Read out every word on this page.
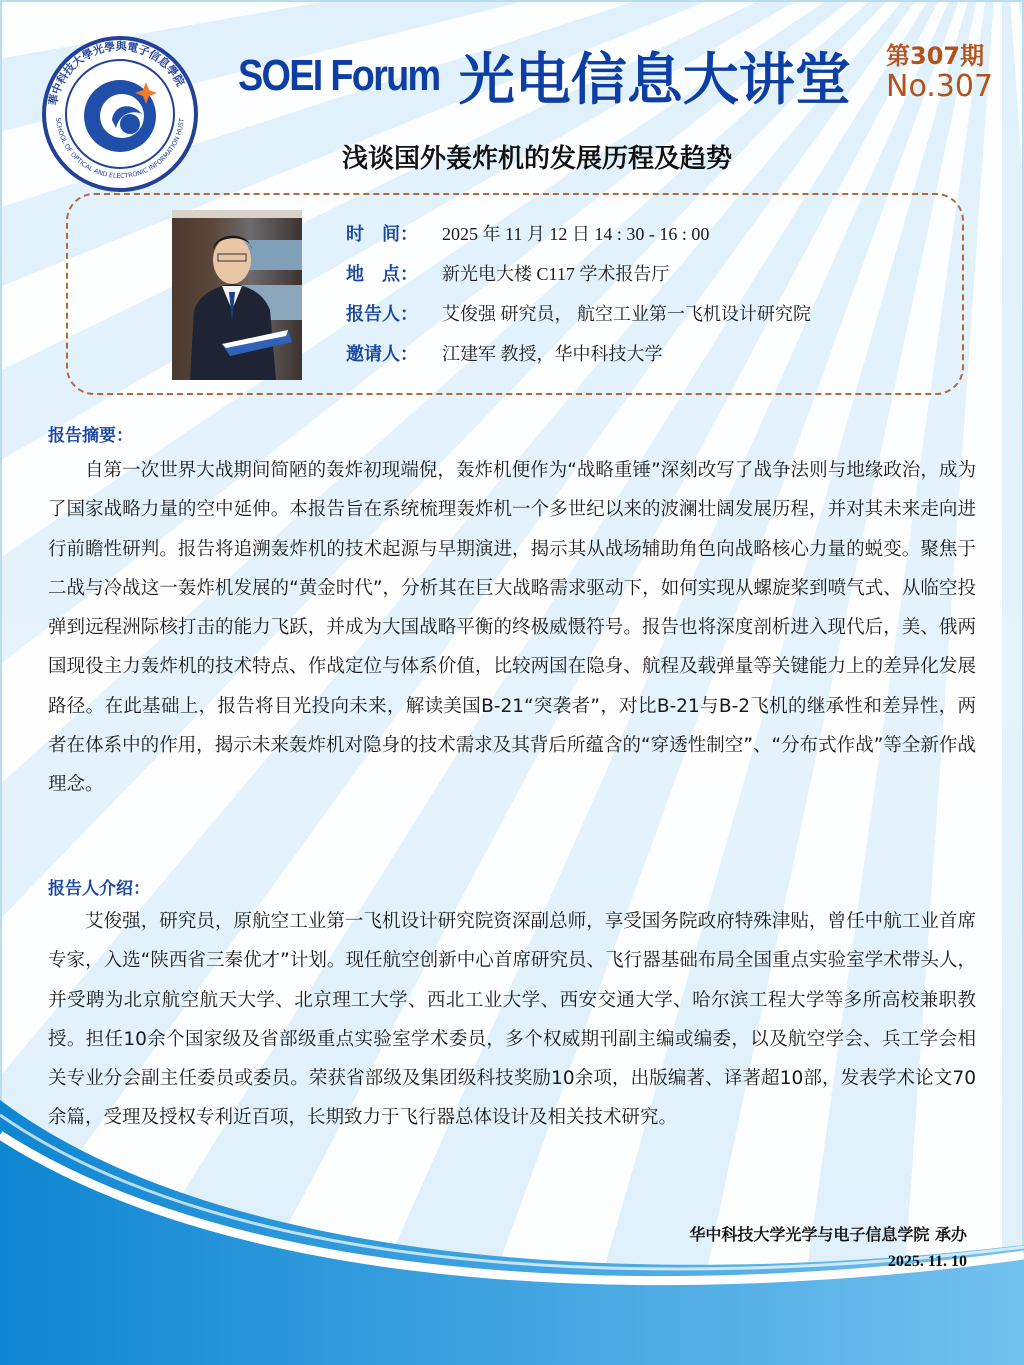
華中科技大學光學與電子信息學院
SCHOOL OF OPTICAL AND ELECTRONIC INFORMATION HUST
SOEI Forum 光电信息大讲堂 第307期
No.307
浅谈国外轰炸机的发展历程及趋势
时　间：	2025 年 11 月 12 日 14 : 30 - 16 : 00
地　点：	新光电大楼 C117 学术报告厅
报告人：	艾俊强 研究员， 航空工业第一飞机设计研究院
邀请人：	江建军 教授，华中科技大学
报告摘要：
自第一次世界大战期间简陋的轰炸初现端倪，轰炸机便作为“战略重锤”深刻改写了战争法则与地缘政治，成为了国家战略力量的空中延伸。本报告旨在系统梳理轰炸机一个多世纪以来的波澜壮阔发展历程，并对其未来走向进行前瞻性研判。报告将追溯轰炸机的技术起源与早期演进，揭示其从战场辅助角色向战略核心力量的蜕变。聚焦于二战与冷战这一轰炸机发展的“黄金时代”，分析其在巨大战略需求驱动下，如何实现从螺旋桨到喷气式、从临空投弹到远程洲际核打击的能力飞跃，并成为大国战略平衡的终极威慑符号。报告也将深度剖析进入现代后，美、俄两国现役主力轰炸机的技术特点、作战定位与体系价值，比较两国在隐身、航程及载弹量等关键能力上的差异化发展路径。在此基础上，报告将目光投向未来，解读美国B-21“突袭者”，对比B-21与B-2飞机的继承性和差异性，两者在体系中的作用，揭示未来轰炸机对隐身的技术需求及其背后所蕴含的“穿透性制空”、“分布式作战”等全新作战理念。
报告人介绍：
艾俊强，研究员，原航空工业第一飞机设计研究院资深副总师，享受国务院政府特殊津贴，曾任中航工业首席专家，入选“陕西省三秦优才”计划。现任航空创新中心首席研究员、飞行器基础布局全国重点实验室学术带头人，并受聘为北京航空航天大学、北京理工大学、西北工业大学、西安交通大学、哈尔滨工程大学等多所高校兼职教授。担任10余个国家级及省部级重点实验室学术委员，多个权威期刊副主编或编委，以及航空学会、兵工学会相关专业分会副主任委员或委员。荣获省部级及集团级科技奖励10余项，出版编著、译著超10部，发表学术论文70余篇，受理及授权专利近百项，长期致力于飞行器总体设计及相关技术研究。
华中科技大学光学与电子信息学院 承办
2025. 11. 10
